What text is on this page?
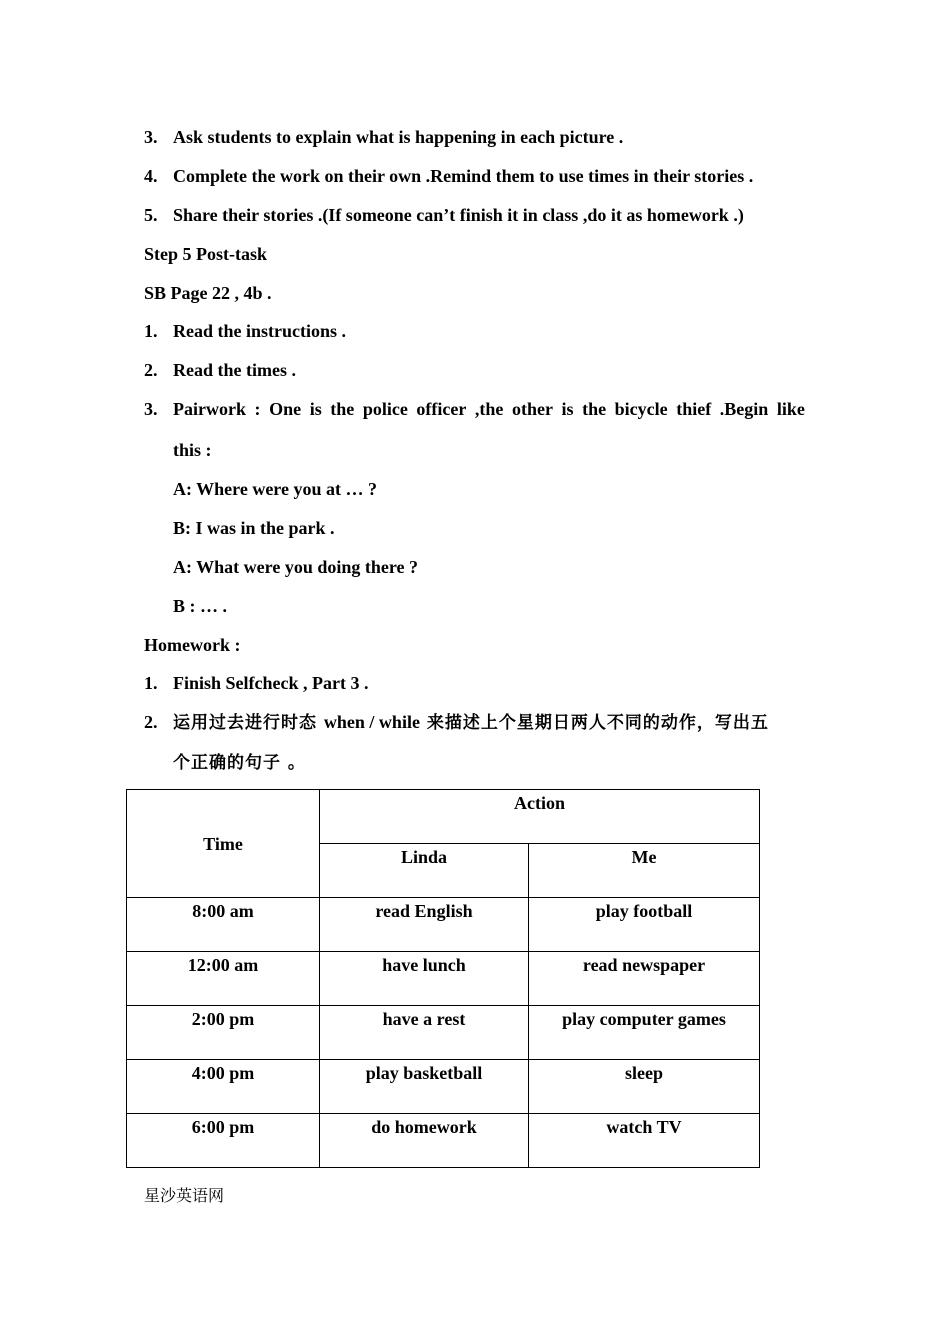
3. Ask students to explain what is happening in each picture .
4. Complete the work on their own .Remind them to use times in their stories .
5. Share their stories .(If someone can’t finish it in class ,do it as homework .)
Step 5 Post-task
SB Page 22 , 4b .
1. Read the instructions .
2. Read the times .
3. Pairwork : One is the police officer ,the other is the bicycle thief .Begin like
this :
A: Where were you at … ?
B: I was in the park .
A: What were you doing there ?
B : … .
Homework :
1. Finish Selfcheck , Part 3 .
2. 运用过去进行时态 when / while 来描述上个星期日两人不同的动作，写出五
个正确的句子 。
Time	Action	
	Linda	Me
8:00 am	read English	play football
12:00 am	have lunch	read newspaper
2:00 pm	have a rest	play computer games
4:00 pm	play basketball	sleep
6:00 pm	do homework	watch TV
星沙英语网
